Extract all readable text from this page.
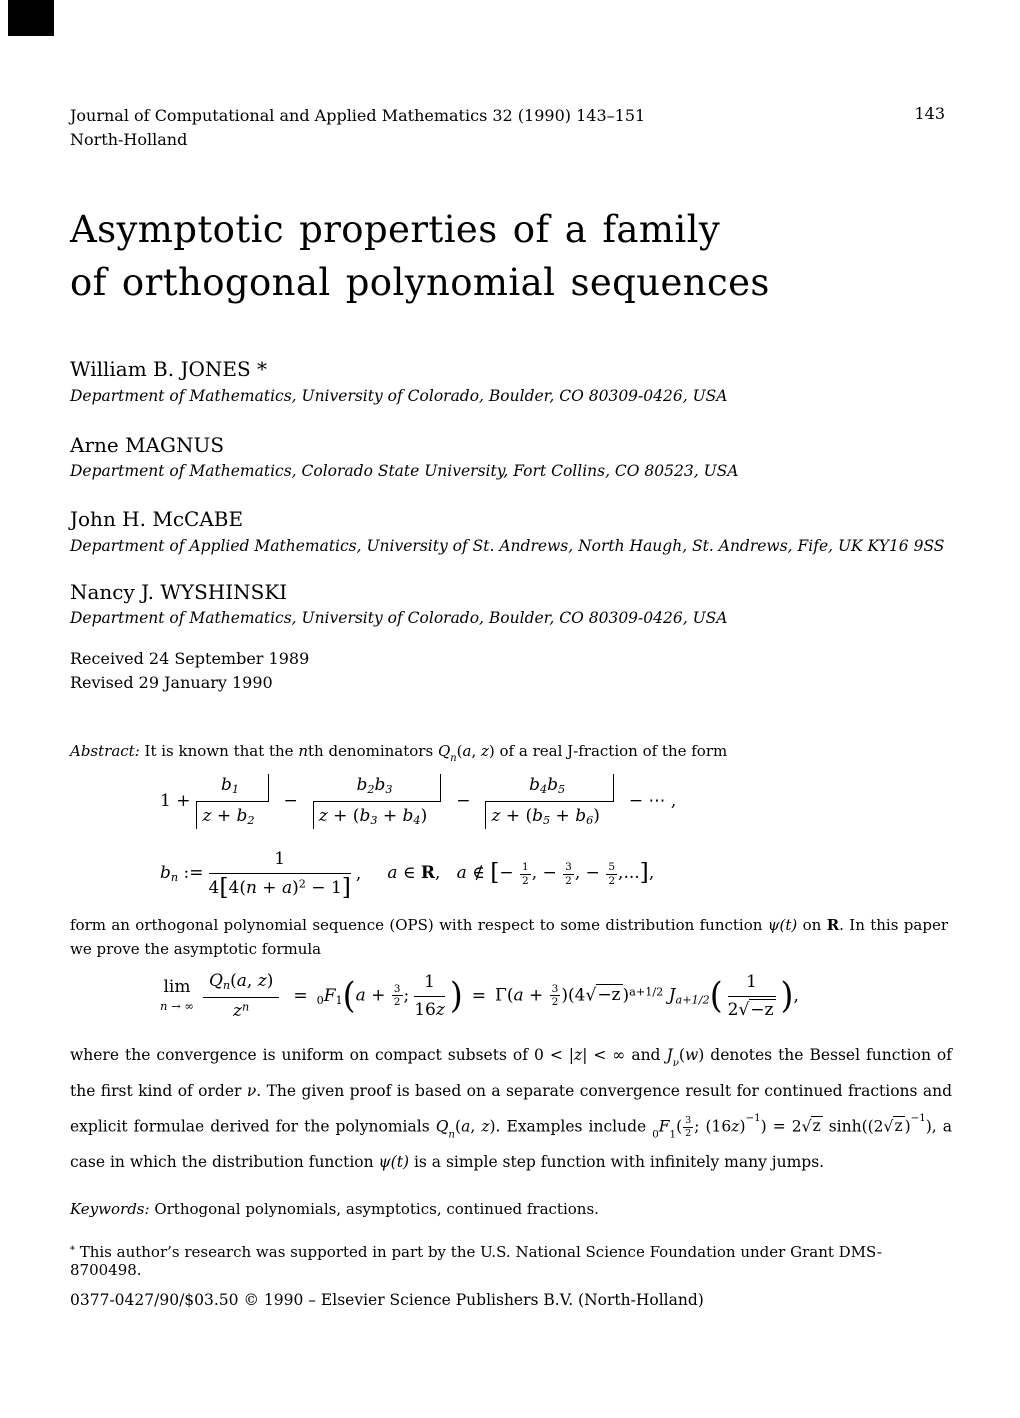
Journal of Computational and Applied Mathematics 32 (1990) 143–151
North-Holland
143
Asymptotic properties of a family
of orthogonal polynomial sequences
William B. JONES *
Department of Mathematics, University of Colorado, Boulder, CO 80309-0426, USA
Arne MAGNUS
Department of Mathematics, Colorado State University, Fort Collins, CO 80523, USA
John H. McCABE
Department of Applied Mathematics, University of St. Andrews, North Haugh, St. Andrews, Fife, UK KY16 9SS
Nancy J. WYSHINSKI
Department of Mathematics, University of Colorado, Boulder, CO 80309-0426, USA
Received 24 September 1989
Revised 29 January 1990
Abstract: It is known that the nth denominators $Q_n(a$, z) of a real J-fraction of the form
$1 + \frac{b1}{z + b2} - \frac{b2b3}{z + (b3 + b4)} - \frac{b4b5}{z + (b5 + b6)}$ − ⋯ ,
bn := $\frac{1}{4[4(n + a)^2 - 1]}$ , a ∈ R,   a ∉ [− $\frac{1}{2}$ , − $\frac{3}{2}$ , − $\frac{5}{2}$ ,...],
form an orthogonal polynomial sequence (OPS) with respect to some distribution function ψ(t) on R. In this paper we prove the asymptotic formula
lim
n → ∞ $\frac{Qn(a, z)}{z^n} = 0F1$ ( $a + \frac{3}{2}$ ; $\frac{1}{16z}$ ) = $\Gamma(a + \frac{3}{2} )(4√-z$ )$^{a+1/2}$ Ja+1/2 ( $\frac{1}{2√-z}$ ) ,
where the convergence is uniform on compact subsets of 0 < |z| < ∞ and $J_\nu(w)$ denotes the Bessel function of the first kind of order ν. The given proof is based on a separate convergence result for continued fractions and explicit formulae derived for the polynomials $Q_n(a$, z). Examples include $_0F_1( \frac{3}{2}$ ; $(16z)^{-1}) = 2√z$ sinh((2√z )$^{-1}$), a case in which the distribution function ψ(t) is a simple step function with infinitely many jumps.
Keywords: Orthogonal polynomials, asymptotics, continued fractions.
* This author’s research was supported in part by the U.S. National Science Foundation under Grant DMS-8700498.
0377-0427/90/$03.50 © 1990 – Elsevier Science Publishers B.V. (North-Holland)
